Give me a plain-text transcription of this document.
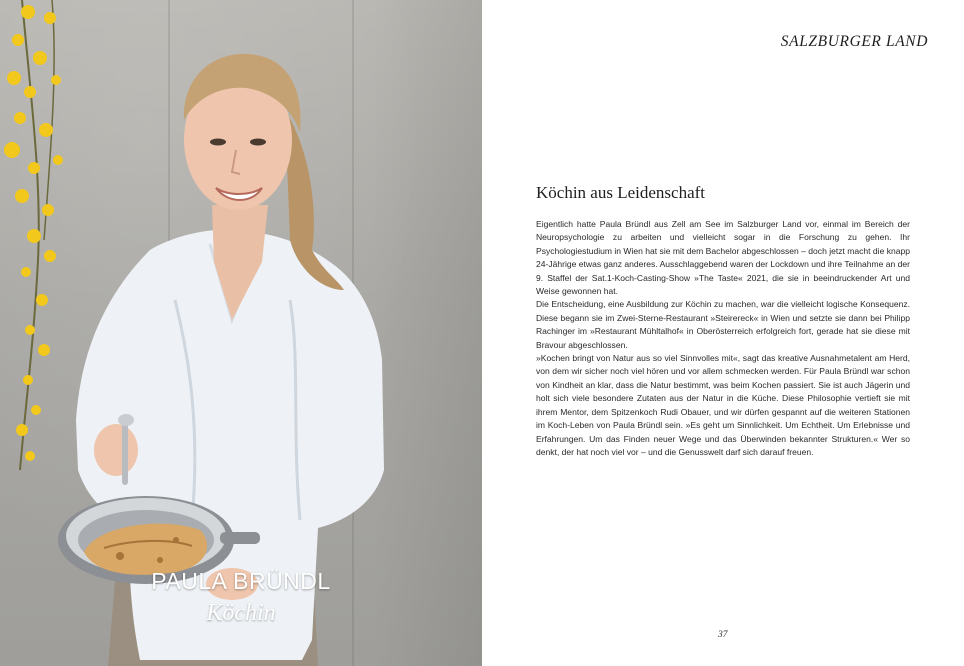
PAULA BRÜNDL
Köchin
SALZBURGER LAND
Köchin aus Leidenschaft

Eigentlich hatte Paula Bründl aus Zell am See im Salzburger Land vor, einmal im Bereich der Neuropsychologie zu arbeiten und vielleicht sogar in die Forschung zu gehen. Ihr Psychologiestudium in Wien hat sie mit dem Bachelor abgeschlossen – doch jetzt macht die knapp 24-Jährige etwas ganz anderes. Ausschlaggebend waren der Lockdown und ihre Teilnahme an der 9. Staffel der Sat.1-Koch-Casting-Show »The Taste« 2021, die sie in beeindruckender Art und Weise gewonnen hat.

Die Entscheidung, eine Ausbildung zur Köchin zu machen, war die vielleicht logische Konsequenz. Diese begann sie im Zwei-Sterne-Restaurant »Steirereck« in Wien und setzte sie dann bei Philipp Rachinger im »Restaurant Mühltalhof« in Oberösterreich erfolgreich fort, gerade hat sie diese mit Bravour abgeschlossen.

»Kochen bringt von Natur aus so viel Sinnvolles mit«, sagt das kreative Ausnahmetalent am Herd, von dem wir sicher noch viel hören und vor allem schmecken werden. Für Paula Bründl war schon von Kindheit an klar, dass die Natur bestimmt, was beim Kochen passiert. Sie ist auch Jägerin und holt sich viele besondere Zutaten aus der Natur in die Küche. Diese Philosophie vertieft sie mit ihrem Mentor, dem Spitzenkoch Rudi Obauer, und wir dürfen gespannt auf die weiteren Stationen im Koch-Leben von Paula Bründl sein. »Es geht um Sinnlichkeit. Um Echtheit. Um Erlebnisse und Erfahrungen. Um das Finden neuer Wege und das Überwinden bekannter Strukturen.« Wer so denkt, der hat noch viel vor – und die Genusswelt darf sich darauf freuen.

37
